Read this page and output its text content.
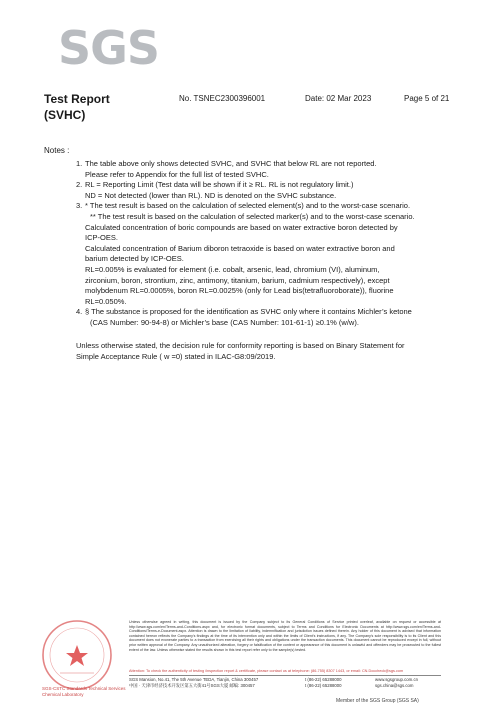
SGS
Test Report
(SVHC)
No. TSNEC2300396001	Date: 02 Mar 2023	Page 5 of 21
Notes :
1. The table above only shows detected SVHC, and SVHC that below RL are not reported.
Please refer to Appendix for the full list of tested SVHC.
2. RL = Reporting Limit (Test data will be shown if it ≥ RL. RL is not regulatory limit.)
ND = Not detected (lower than RL). ND is denoted on the SVHC substance.
3. * The test result is based on the calculation of selected element(s) and to the worst-case scenario.
** The test result is based on the calculation of selected marker(s) and to the worst-case scenario.
Calculated concentration of boric compounds are based on water extractive boron detected by
ICP-OES.
Calculated concentration of Barium diboron tetraoxide is based on water extractive boron and
barium detected by ICP-OES.
RL=0.005% is evaluated for element (i.e. cobalt, arsenic, lead, chromium (VI), aluminum,
zirconium, boron, strontium, zinc, antimony, titanium, barium, cadmium respectively), except
molybdenum RL=0.0005%, boron RL=0.0025% (only for Lead bis(tetrafluoroborate)), fluorine
RL=0.050%.
4. § The substance is proposed for the identification as SVHC only where it contains Michler’s ketone
(CAS Number: 90-94-8) or Michler’s base (CAS Number: 101-61-1) ≥0.1% (w/w).
Unless otherwise stated, the decision rule for conformity reporting is based on Binary Statement for
Simple Acceptance Rule ( w =0) stated in ILAC-G8:09/2019.
SGS-CSTC Standards Technical Services
Chemical Laboratory
Unless otherwise agreed in writing, this document is issued by the Company subject to its General Conditions of Service printed overleaf, available on request or accessible at http://www.sgs.com/en/Terms-and-Conditions.aspx and, for electronic format documents, subject to Terms and Conditions for Electronic Documents at http://www.sgs.com/en/Terms-and-Conditions/Terms-e-Document.aspx. Attention is drawn to the limitation of liability, indemnification and jurisdiction issues defined therein. Any holder of this document is advised that information contained hereon reflects the Company's findings at the time of its intervention only and within the limits of Client's instructions, if any. The Company's sole responsibility is to its Client and this document does not exonerate parties to a transaction from exercising all their rights and obligations under the transaction documents. This document cannot be reproduced except in full, without prior written approval of the Company. Any unauthorized alteration, forgery or falsification of the content or appearance of this document is unlawful and offenders may be prosecuted to the fullest extent of the law. Unless otherwise stated the results shown in this test report refer only to the sample(s) tested.
Attention: To check the authenticity of testing /inspection report & certificate, please contact us at telephone: (86-755) 8307 1443, or email: CN.Doccheck@sgs.com
SGS Mansion, No.41, The 5th Avenue TEDA, Tianjin, China 300457	t (86-22) 65288000	www.sgsgroup.com.cn
中国 · 天津市经济技术开发区第五大街41号SGS大厦 邮编: 300457	t (86-22) 65288000	sgs.china@sgs.com
Member of the SGS Group (SGS SA)
